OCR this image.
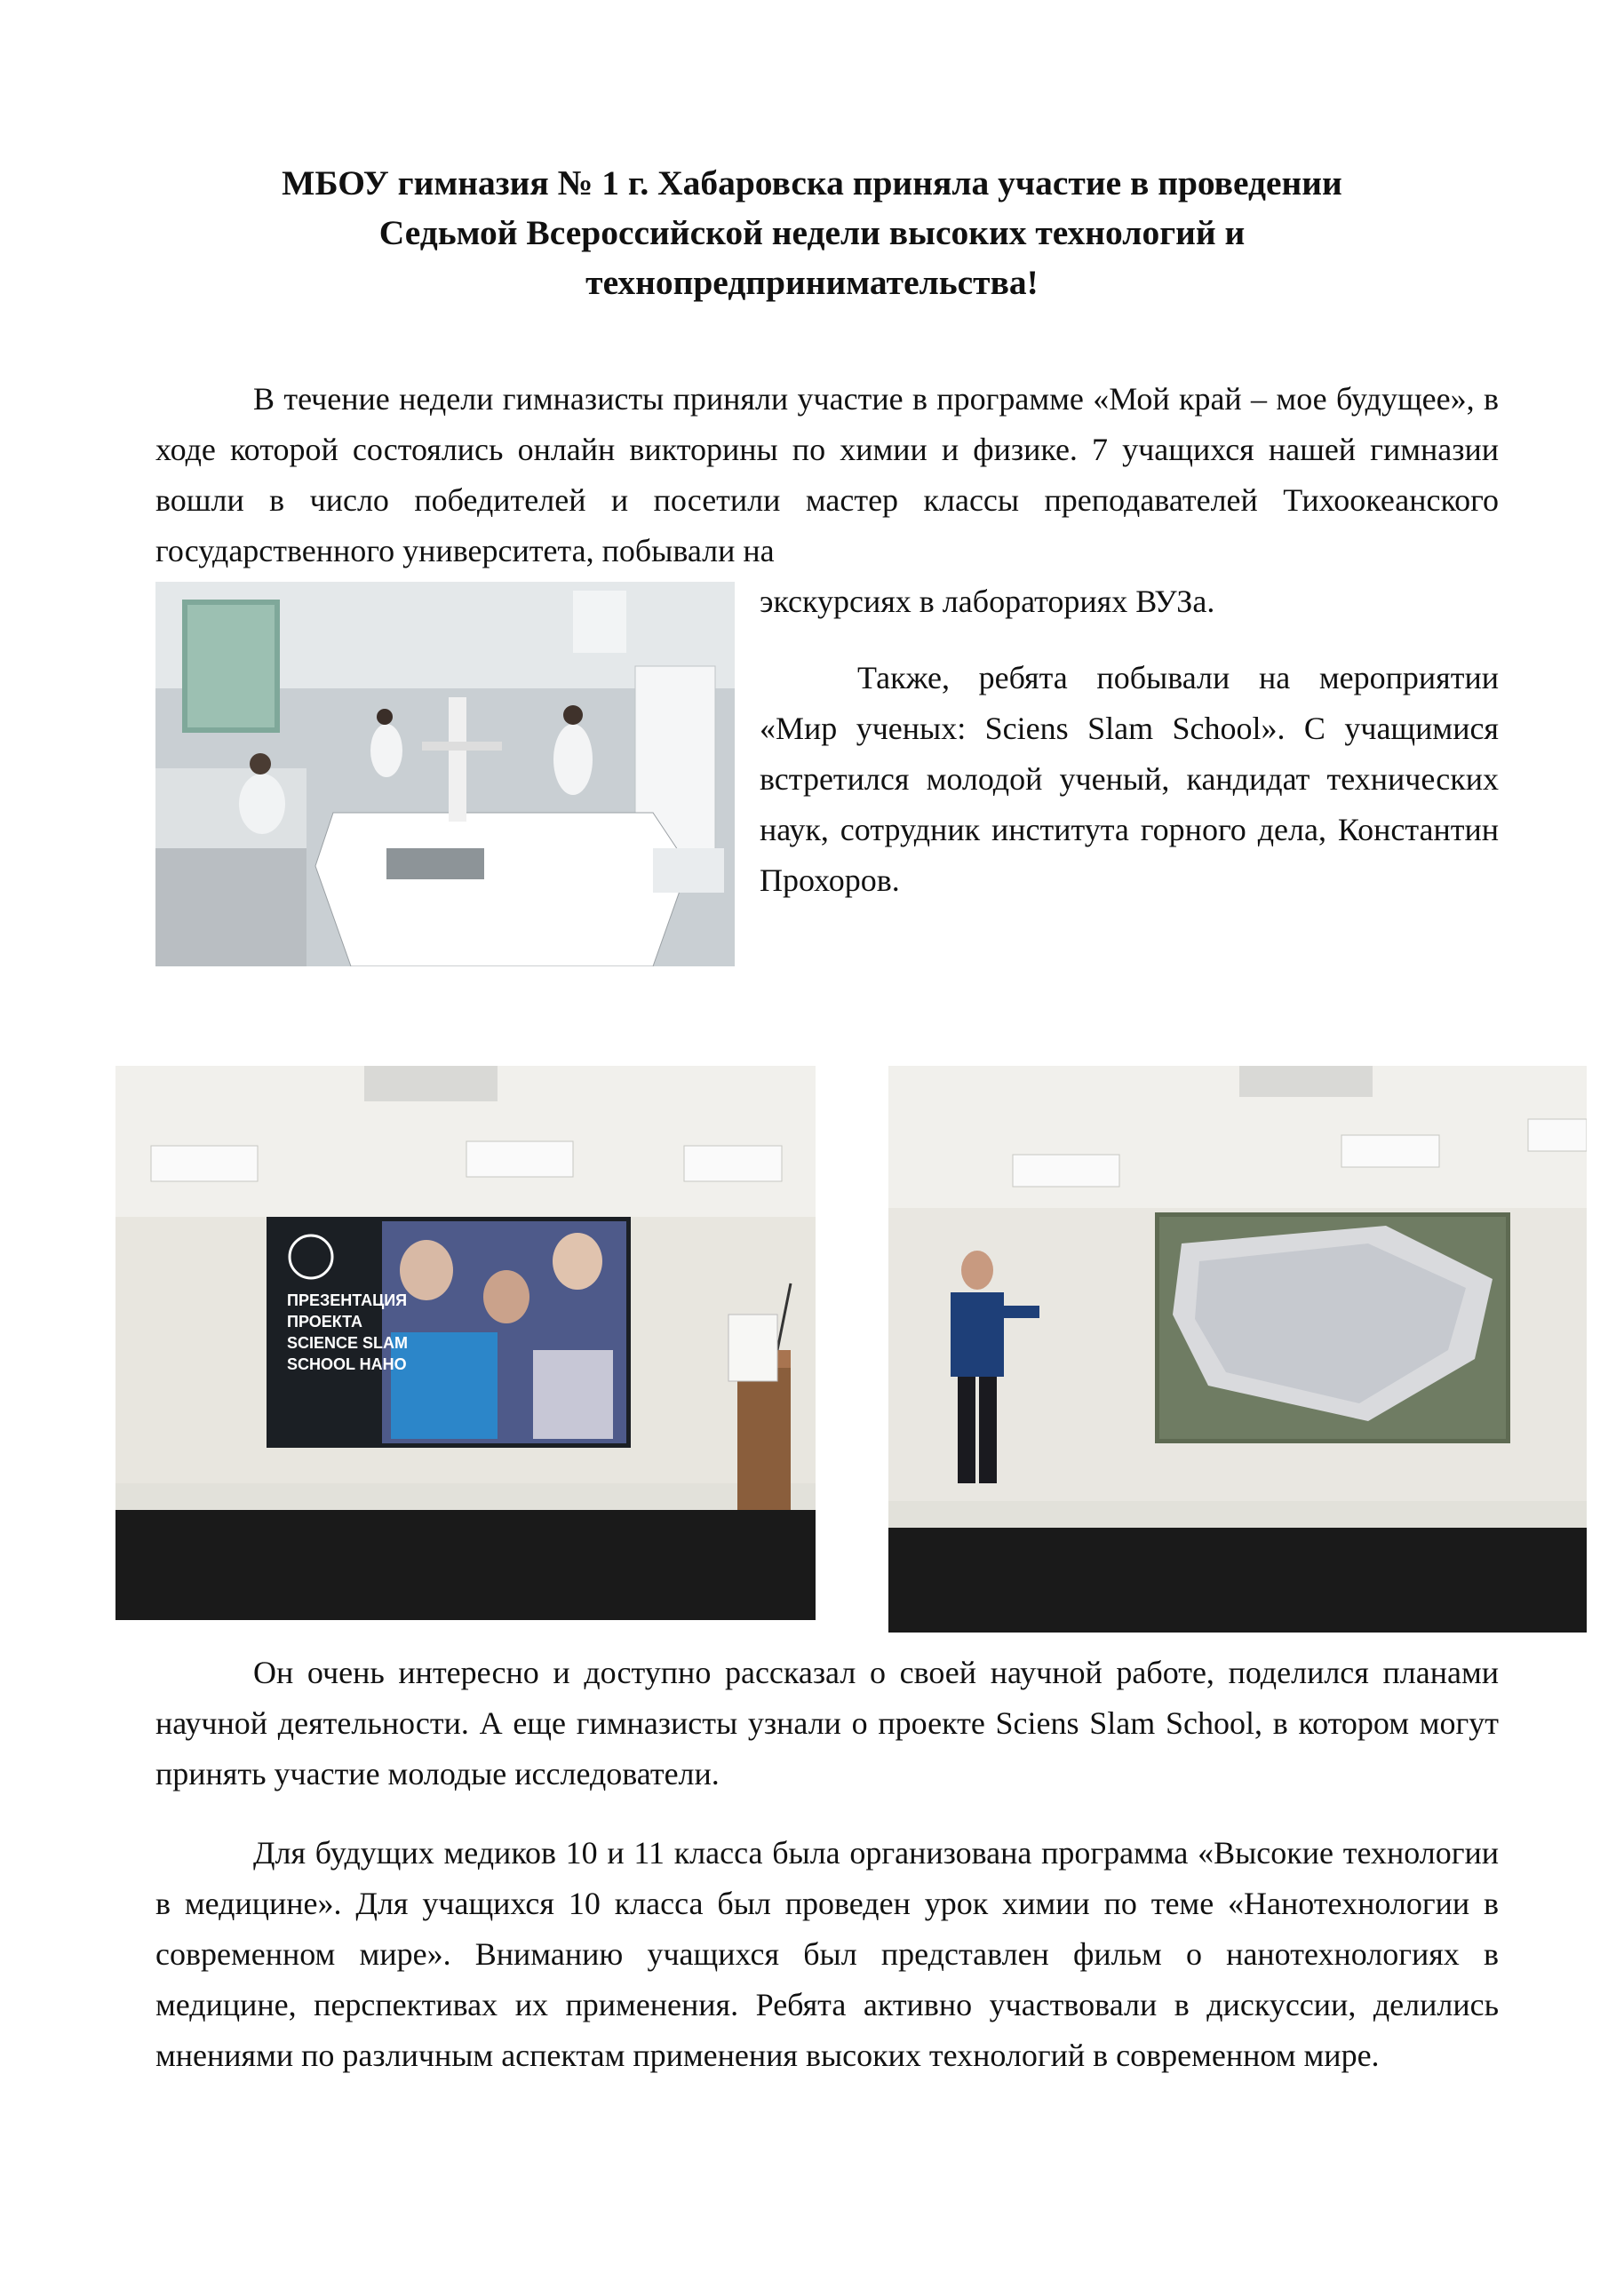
МБОУ гимназия № 1 г. Хабаровска приняла участие в проведении
Седьмой Всероссийской недели высоких технологий и
технопредпринимательства!

В течение недели гимназисты приняли участие в программе «Мой край – мое будущее», в ходе которой состоялись онлайн викторины по химии и физике. 7 учащихся нашей гимназии вошли в число победителей и посетили мастер классы преподавателей Тихоокеанского государственного университета, побывали на

экскурсиях в лабораториях ВУЗа.

Также, ребята побывали на мероприятии «Мир ученых: Sciens Slam School». С учащимися встретился молодой ученый, кандидат технических наук, сотрудник института горного дела, Константин Прохоров.

ПРЕЗЕНТАЦИЯ
ПРОЕКТА
SCIENCE SLAM
SCHOOL НАНО

Он очень интересно и доступно рассказал о своей научной работе, поделился планами научной деятельности. А еще гимназисты узнали о проекте Sciens Slam School, в котором могут принять участие молодые исследователи.

Для будущих медиков 10 и 11 класса была организована программа «Высокие технологии в медицине». Для учащихся 10 класса был проведен урок химии по теме «Нанотехнологии в современном мире». Вниманию учащихся был представлен фильм о нанотехнологиях в медицине, перспективах их применения. Ребята активно участвовали в дискуссии, делились мнениями по различным аспектам применения высоких технологий в современном мире.
